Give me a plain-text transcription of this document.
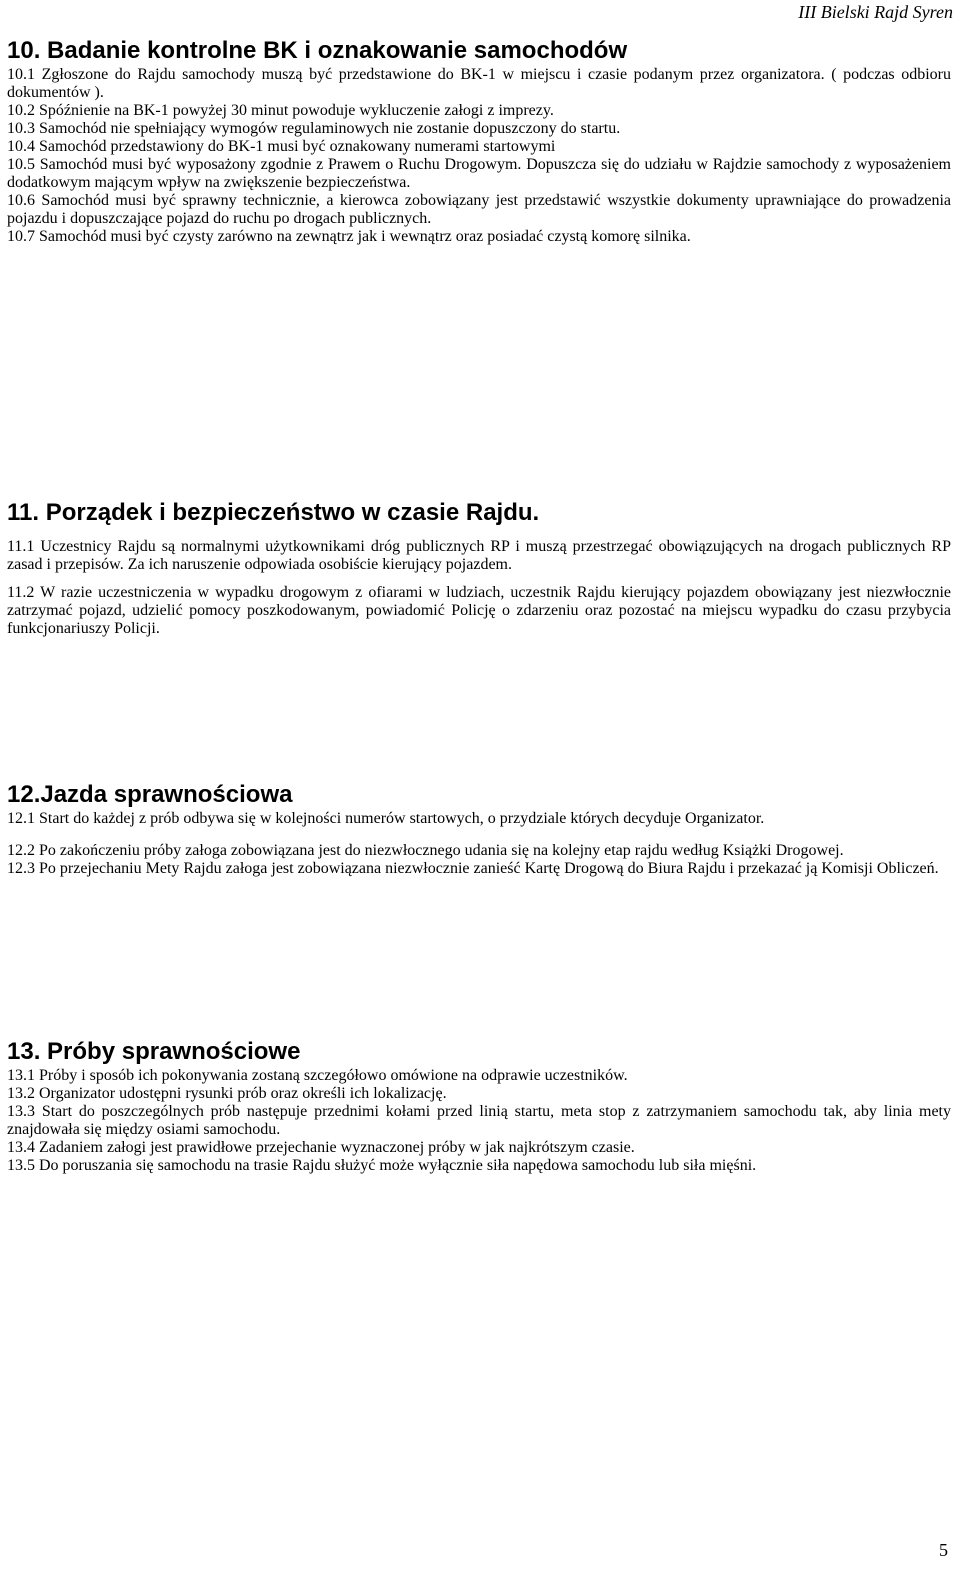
III Bielski Rajd Syren
10. Badanie kontrolne BK i oznakowanie samochodów

10.1 Zgłoszone do Rajdu samochody muszą być przedstawione do BK-1 w miejscu i czasie podanym przez organizatora. ( podczas odbioru dokumentów ).

10.2 Spóźnienie na BK-1 powyżej 30 minut powoduje wykluczenie załogi z imprezy.

10.3 Samochód nie spełniający wymogów regulaminowych nie zostanie dopuszczony do startu.

10.4 Samochód przedstawiony do BK-1 musi być oznakowany numerami startowymi

10.5 Samochód musi być wyposażony zgodnie z Prawem o Ruchu Drogowym. Dopuszcza się do udziału w Rajdzie samochody z wyposażeniem dodatkowym mającym wpływ na zwiększenie bezpieczeństwa.

10.6 Samochód musi być sprawny technicznie, a kierowca zobowiązany jest przedstawić wszystkie dokumenty uprawniające do prowadzenia pojazdu i dopuszczające pojazd do ruchu po drogach publicznych.

10.7 Samochód musi być czysty zarówno na zewnątrz jak i wewnątrz oraz posiadać czystą komorę silnika.

11. Porządek i bezpieczeństwo w czasie Rajdu.

11.1 Uczestnicy Rajdu są normalnymi użytkownikami dróg publicznych RP i muszą przestrzegać obowiązujących na drogach publicznych RP zasad i przepisów. Za ich naruszenie odpowiada osobiście kierujący pojazdem.

11.2 W razie uczestniczenia w wypadku drogowym z ofiarami w ludziach, uczestnik Rajdu kierujący pojazdem obowiązany jest niezwłocznie zatrzymać pojazd, udzielić pomocy poszkodowanym, powiadomić Policję o zdarzeniu oraz pozostać na miejscu wypadku do czasu przybycia funkcjonariuszy Policji.

12.Jazda sprawnościowa

12.1 Start do każdej z prób odbywa się w kolejności numerów startowych, o przydziale których decyduje Organizator.

12.2 Po zakończeniu próby załoga zobowiązana jest do niezwłocznego udania się na kolejny etap rajdu według Książki Drogowej.

12.3 Po przejechaniu Mety Rajdu załoga jest zobowiązana niezwłocznie zanieść Kartę Drogową do Biura Rajdu i przekazać ją Komisji Obliczeń.

13. Próby sprawnościowe

13.1 Próby i sposób ich pokonywania zostaną szczegółowo omówione na odprawie uczestników.

13.2 Organizator udostępni rysunki prób oraz określi ich lokalizację.

13.3 Start do poszczególnych prób następuje przednimi kołami przed linią startu, meta stop z zatrzymaniem samochodu tak, aby linia mety znajdowała się między osiami samochodu.

13.4 Zadaniem załogi jest prawidłowe przejechanie wyznaczonej próby w jak najkrótszym czasie.

13.5 Do poruszania się samochodu na trasie Rajdu służyć może wyłącznie siła napędowa samochodu lub siła mięśni.

5
